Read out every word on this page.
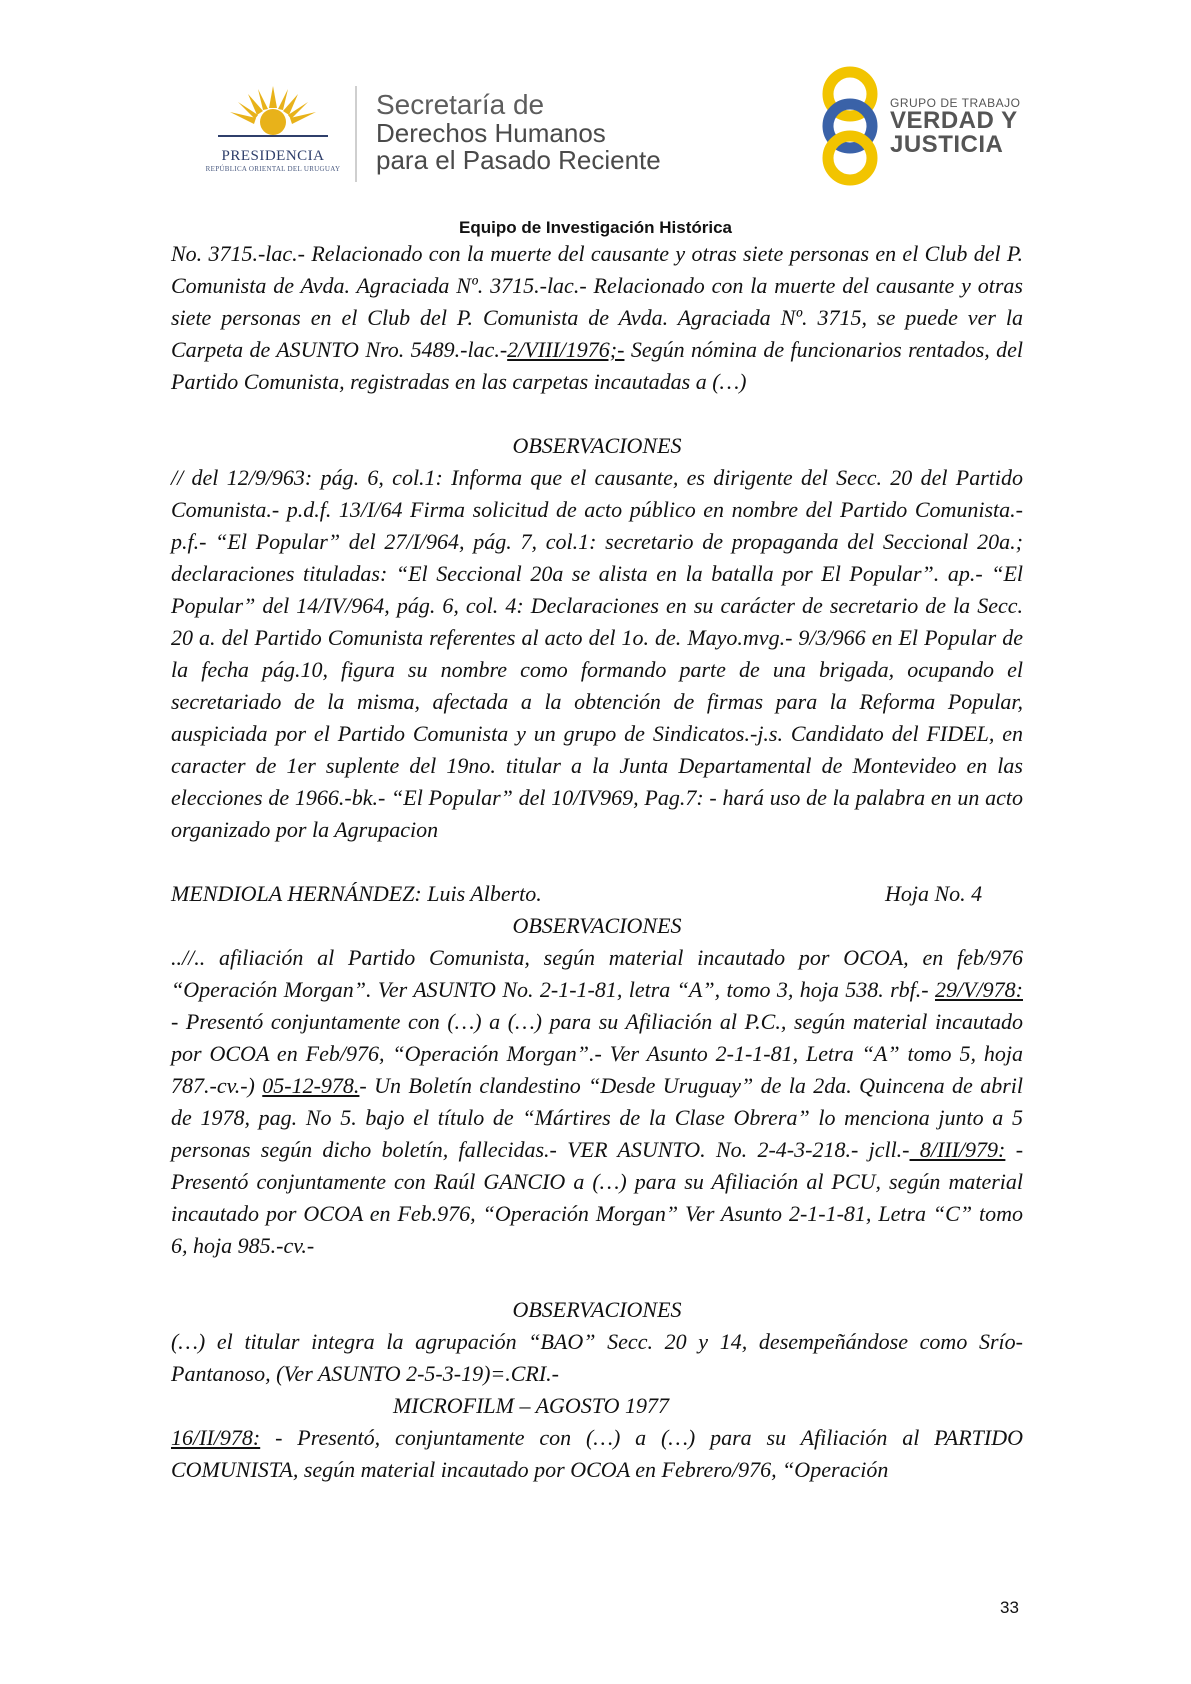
PRESIDENCIA
REPÚBLICA ORIENTAL DEL URUGUAY
Secretaría de
Derechos Humanos
para el Pasado Reciente
GRUPO DE TRABAJO
VERDAD Y
JUSTICIA
Equipo de Investigación Histórica

No. 3715.-lac.- Relacionado con la muerte del causante y otras siete personas en el Club del P. Comunista de Avda. Agraciada Nº. 3715.-lac.- Relacionado con la muerte del causante y otras siete personas en el Club del P. Comunista de Avda. Agraciada Nº. 3715, se puede ver la Carpeta de ASUNTO Nro. 5489.-lac.-2/VIII/1976;- Según nómina de funcionarios rentados, del Partido Comunista, registradas en las carpetas incautadas a (…)

OBSERVACIONES

// del 12/9/963: pág. 6, col.1: Informa que el causante, es dirigente del Secc. 20 del Partido Comunista.- p.d.f. 13/I/64 Firma solicitud de acto público en nombre del Partido Comunista.- p.f.- “El Popular” del 27/I/964, pág. 7, col.1: secretario de propaganda del Seccional 20a.; declaraciones tituladas: “El Seccional 20a se alista en la batalla por El Popular”. ap.- “El Popular” del 14/IV/964, pág. 6, col. 4: Declaraciones en su carácter de secretario de la Secc. 20 a. del Partido Comunista referentes al acto del 1o. de. Mayo.mvg.- 9/3/966 en El Popular de la fecha pág.10, figura su nombre como formando parte de una brigada, ocupando el secretariado de la misma, afectada a la obtención de firmas para la Reforma Popular, auspiciada por el Partido Comunista y un grupo de Sindicatos.-j.s. Candidato del FIDEL, en caracter de 1er suplente del 19no. titular a la Junta Departamental de Montevideo en las elecciones de 1966.-bk.- “El Popular” del 10/IV969, Pag.7: - hará uso de la palabra en un acto organizado por la Agrupacion

MENDIOLA HERNÁNDEZ: Luis Alberto.	Hoja No. 4

OBSERVACIONES

..//.. afiliación al Partido Comunista, según material incautado por OCOA, en feb/976 “Operación Morgan”. Ver ASUNTO No. 2-1-1-81, letra “A”, tomo 3, hoja 538. rbf.- 29/V/978: - Presentó conjuntamente con (…) a (…) para su Afiliación al P.C., según material incautado por OCOA en Feb/976, “Operación Morgan”.- Ver Asunto 2-1-1-81, Letra “A” tomo 5, hoja 787.-cv.-) 05-12-978.- Un Boletín clandestino “Desde Uruguay” de la 2da. Quincena de abril de 1978, pag. No 5. bajo el título de “Mártires de la Clase Obrera” lo menciona junto a 5 personas según dicho boletín, fallecidas.- VER ASUNTO. No. 2-4-3-218.- jcll.- 8/III/979: - Presentó conjuntamente con Raúl GANCIO a (…) para su Afiliación al PCU, según material incautado por OCOA en Feb.976, “Operación Morgan” Ver Asunto 2-1-1-81, Letra “C” tomo 6, hoja 985.-cv.-

OBSERVACIONES

(…) el titular integra la agrupación “BAO” Secc. 20 y 14, desempeñándose como Srío-Pantanoso, (Ver ASUNTO 2-5-3-19)=.CRI.-

MICROFILM – AGOSTO 1977

16/II/978: - Presentó, conjuntamente con (…) a (…) para su Afiliación al PARTIDO COMUNISTA, según material incautado por OCOA en Febrero/976, “Operación

33
